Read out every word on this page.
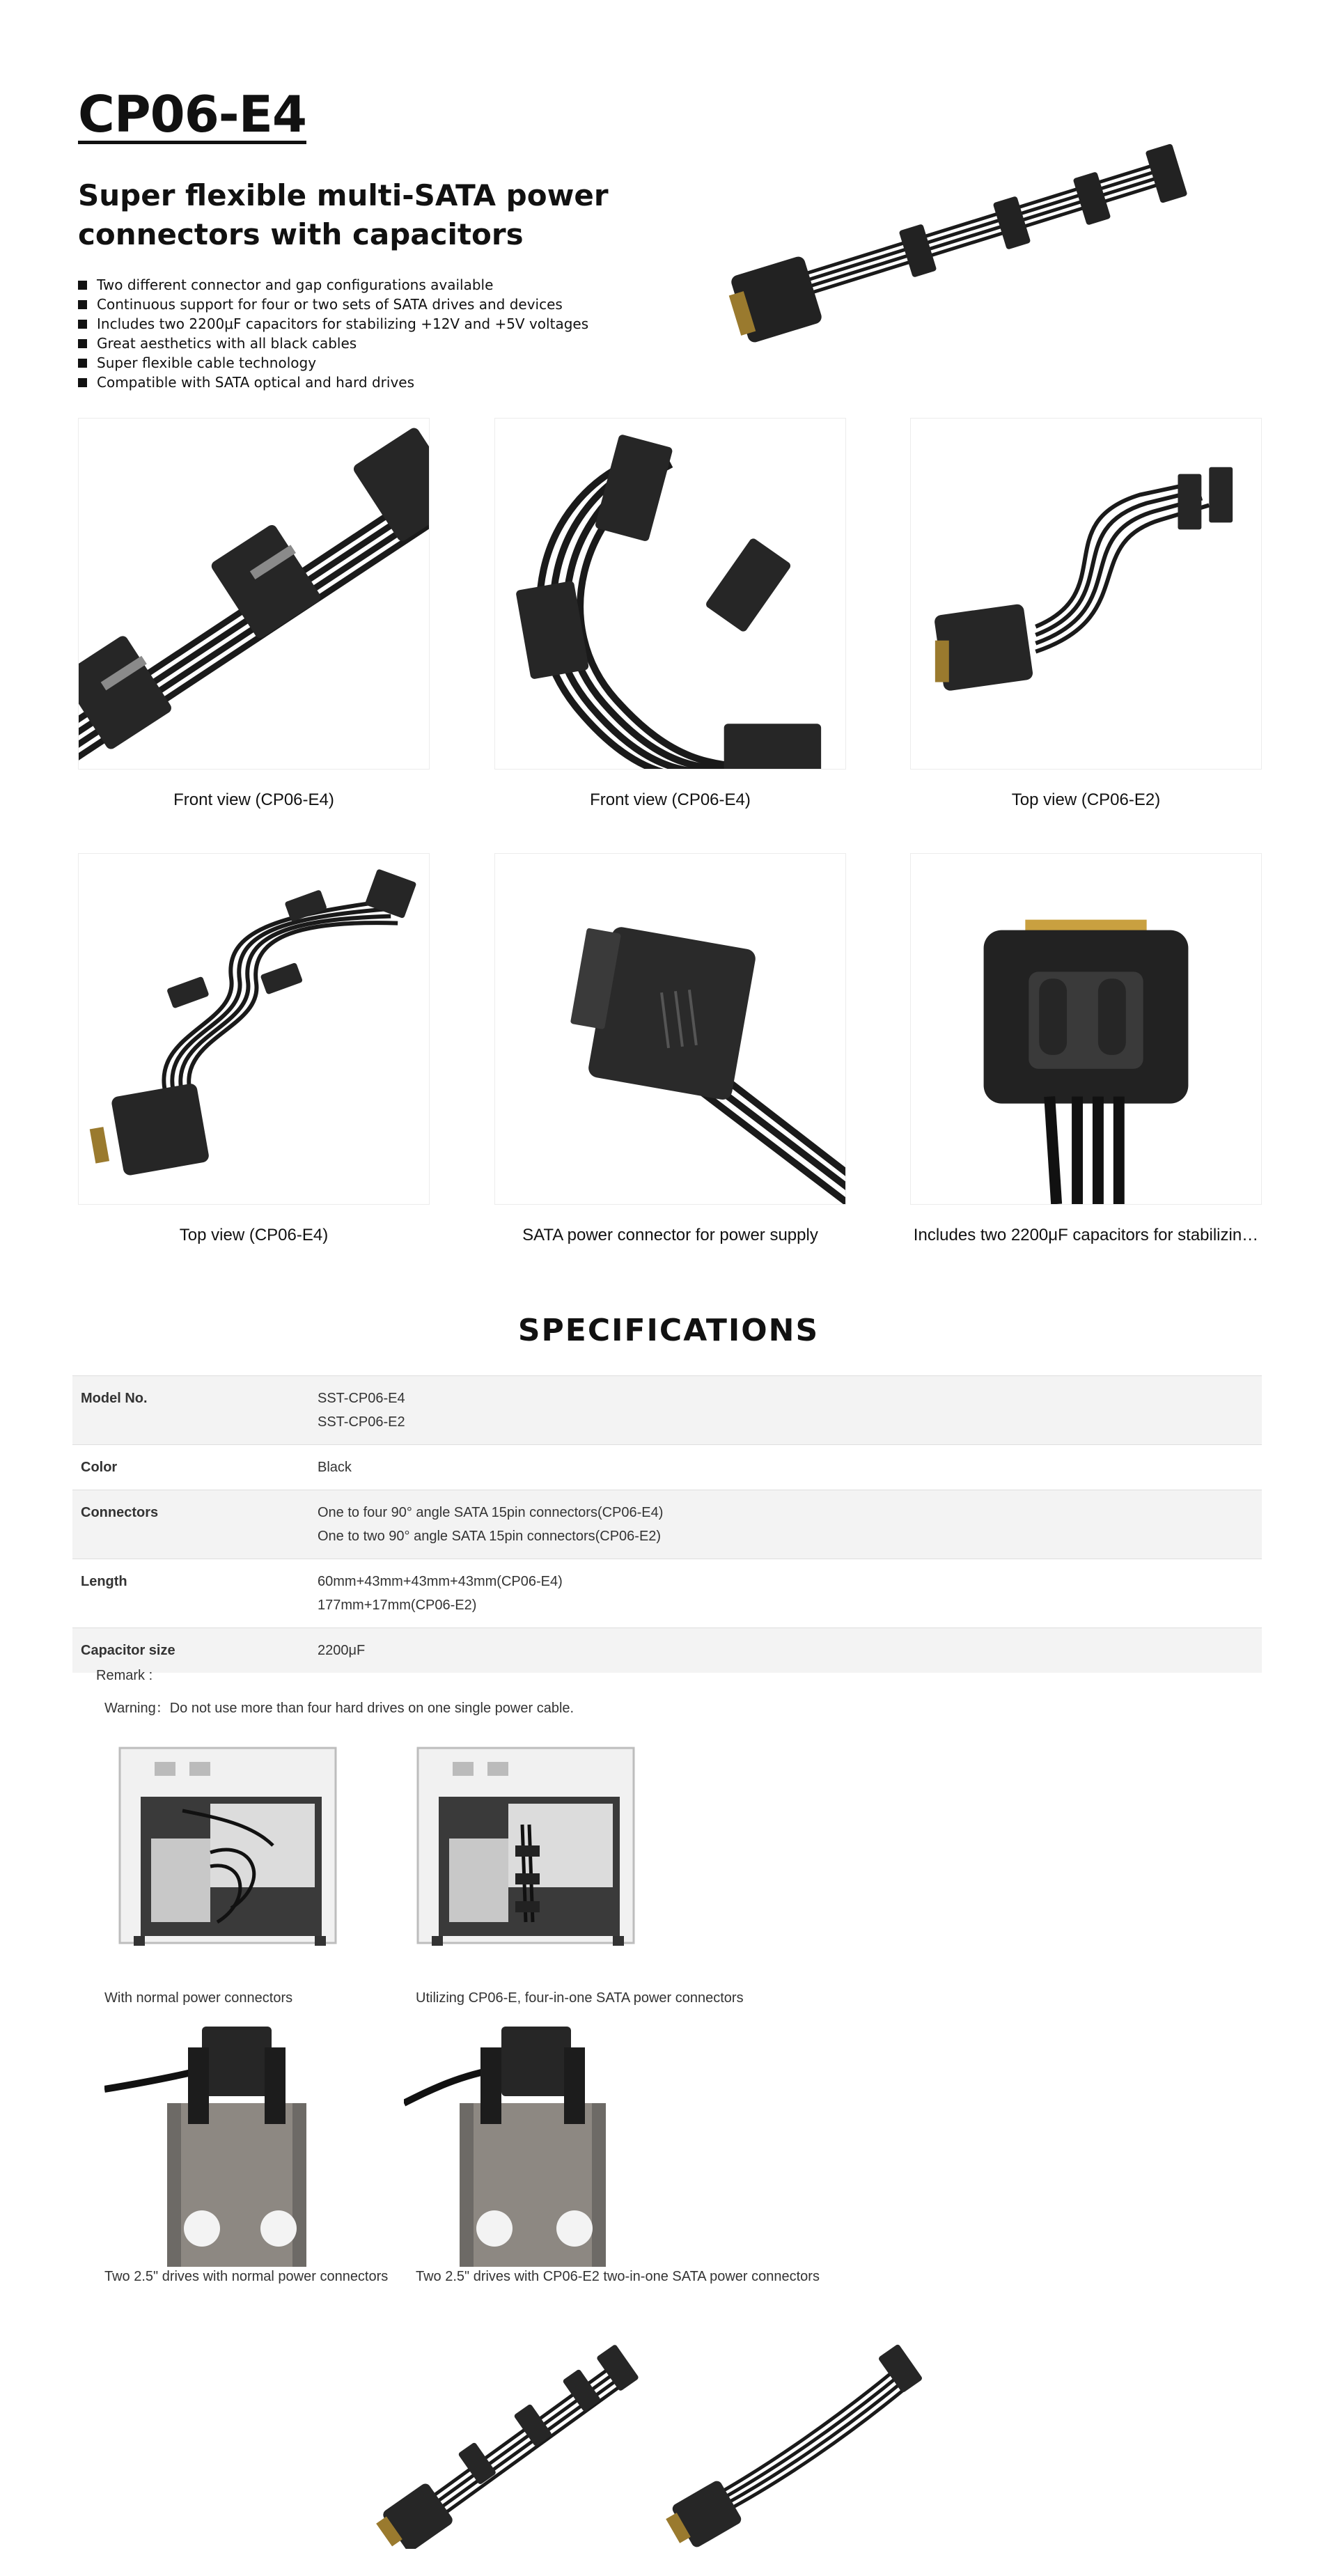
CP06-E4
Super flexible multi-SATA power connectors with capacitors
Two different connector and gap configurations available
Continuous support for four or two sets of SATA drives and devices
Includes two 2200μF capacitors for stabilizing +12V and +5V voltages
Great aesthetics with all black cables
Super flexible cable technology
Compatible with SATA optical and hard drives
Front view (CP06-E4)	Front view (CP06-E4)	Top view (CP06-E2)
Top view (CP06-E4)	SATA power connector for power supply	Includes two 2200μF capacitors for stabilizin…
SPECIFICATIONS
Model No.	SST-CP06-E4
SST-CP06-E2

Color	Black

Connectors	One to four 90° angle SATA 15pin connectors(CP06-E4)
One to two 90° angle SATA 15pin connectors(CP06-E2)

Length	60mm+43mm+43mm+43mm(CP06-E4)
177mm+17mm(CP06-E2)

Capacitor size	2200μF
Remark :
Warning：Do not use more than four hard drives on one single power cable.
With normal power connectors	Utilizing CP06-E, four-in-one SATA power connectors
Two 2.5" drives with normal power connectors Two 2.5" drives with CP06-E2 two-in-one SATA power connectors
